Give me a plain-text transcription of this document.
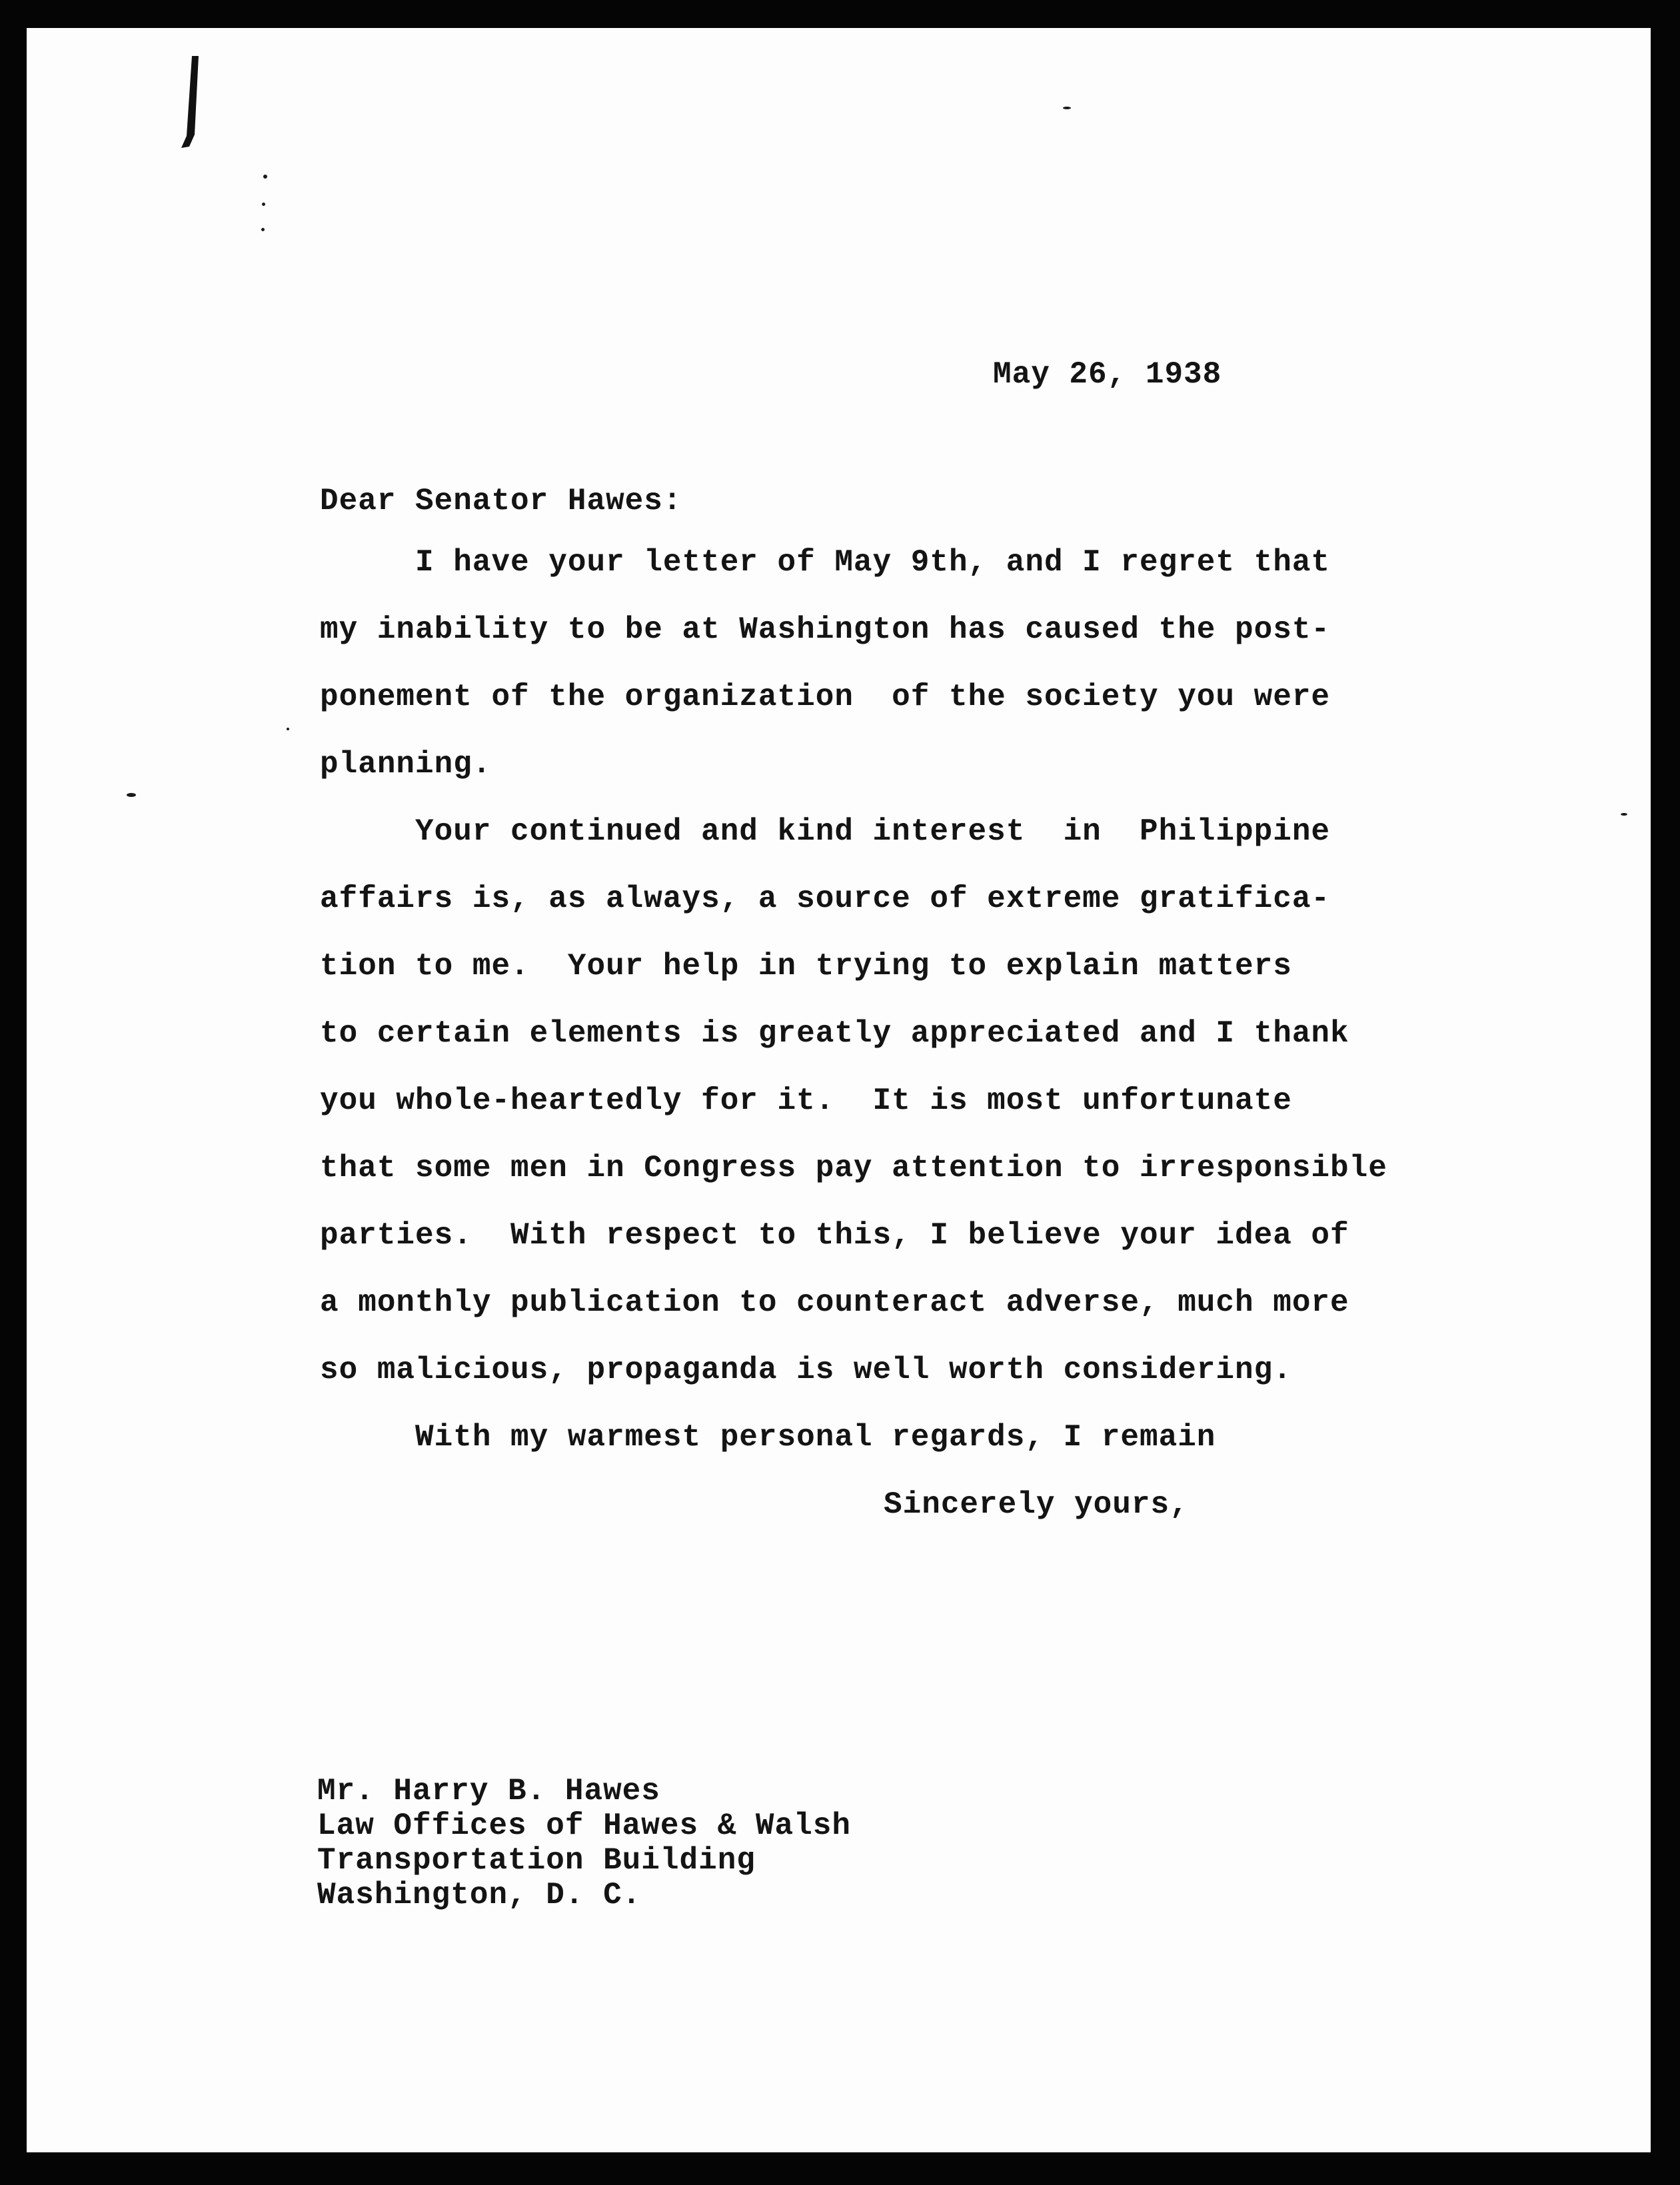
May 26, 1938

Dear Senator Hawes:

I have your letter of May 9th, and I regret that

my inability to be at Washington has caused the post-

ponement of the organization  of the society you were

planning.

Your continued and kind interest  in  Philippine

affairs is, as always, a source of extreme gratifica-

tion to me.  Your help in trying to explain matters

to certain elements is greatly appreciated and I thank

you whole-heartedly for it.  It is most unfortunate

that some men in Congress pay attention to irresponsible

parties.  With respect to this, I believe your idea of

a monthly publication to counteract adverse, much more

so malicious, propaganda is well worth considering.

With my warmest personal regards, I remain

Sincerely yours,

Mr. Harry B. Hawes

Law Offices of Hawes & Walsh

Transportation Building

Washington, D. C.
